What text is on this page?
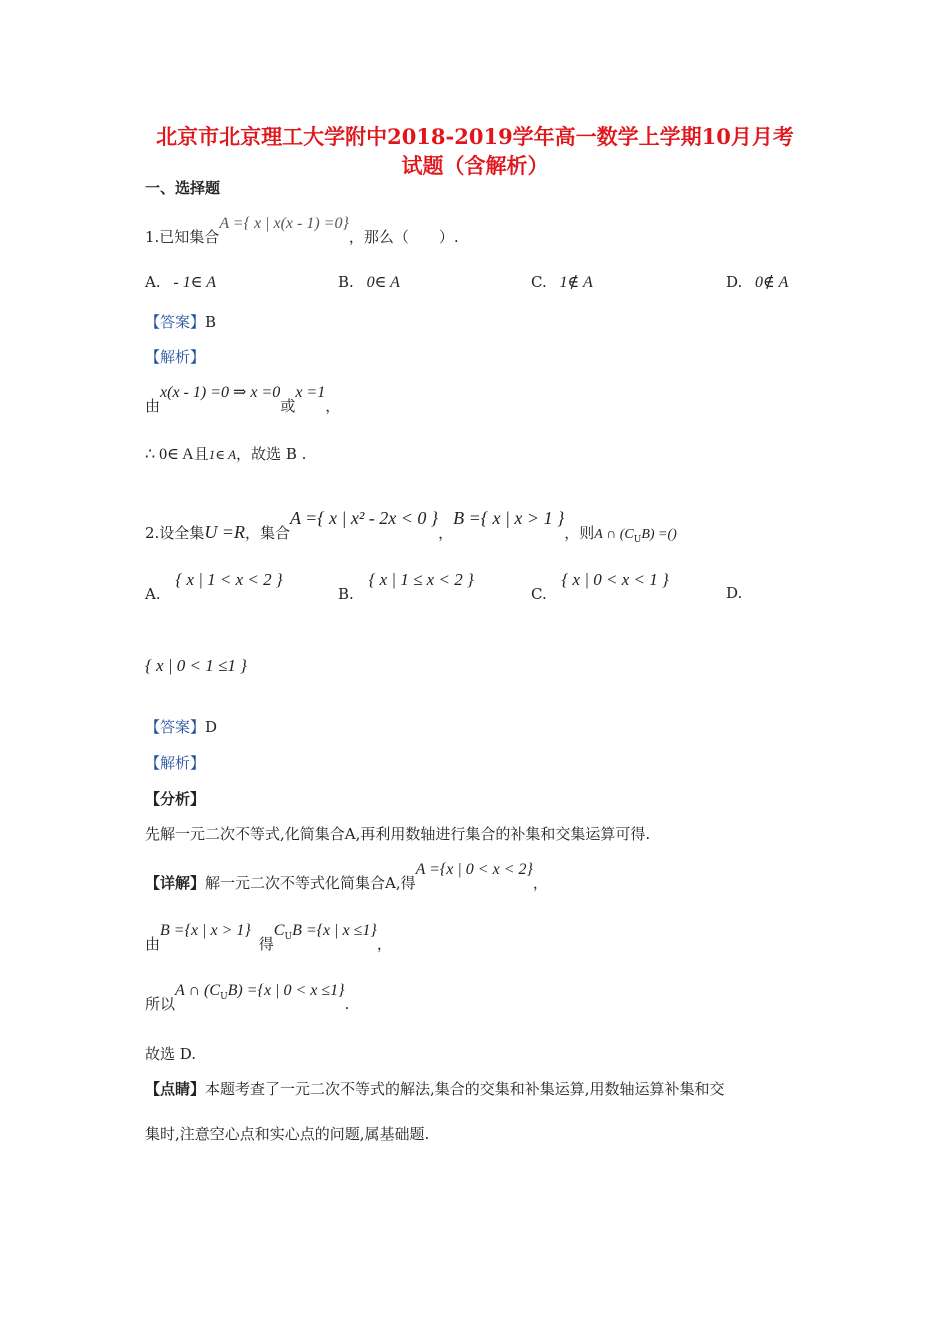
北京市北京理工大学附中2018-2019学年高一数学上学期10月月考
试题（含解析）
一、选择题
1.已知集合A ={ x | x(x - 1) =0}，那么（　　）.
A. - 1∈ A	B. 0∈ A	C. 1∉ A	D. 0∉ A
【答案】B
【解析】
由x(x - 1) =0 ⇒ x =0或x =1，
∴ 0∈ A且1∈ A，故选 B .
2.设全集U =R，集合A ={ x | x² - 2x < 0 }，B ={ x | x > 1 }，则A ∩ $(C_UB)$ =()
A. { x | 1 < x < 2 }
B. { x | 1 ≤ x < 2 }
C. { x | 0 < x < 1 }
D.
{ x | 0 < 1 ≤1 }
【答案】D
【解析】
【分析】
先解一元二次不等式,化简集合A,再利用数轴进行集合的补集和交集运算可得.
【详解】解一元二次不等式化简集合A,得A ={x | 0 < x < 2}，
由B ={x | x > 1}得$C_UB =\{x$ | x ≤1}，
所以A ∩ $(C_UB) =\{x$ | 0 < x ≤1}.
故选 D.
【点睛】本题考查了一元二次不等式的解法,集合的交集和补集运算,用数轴运算补集和交
集时,注意空心点和实心点的问题,属基础题.
